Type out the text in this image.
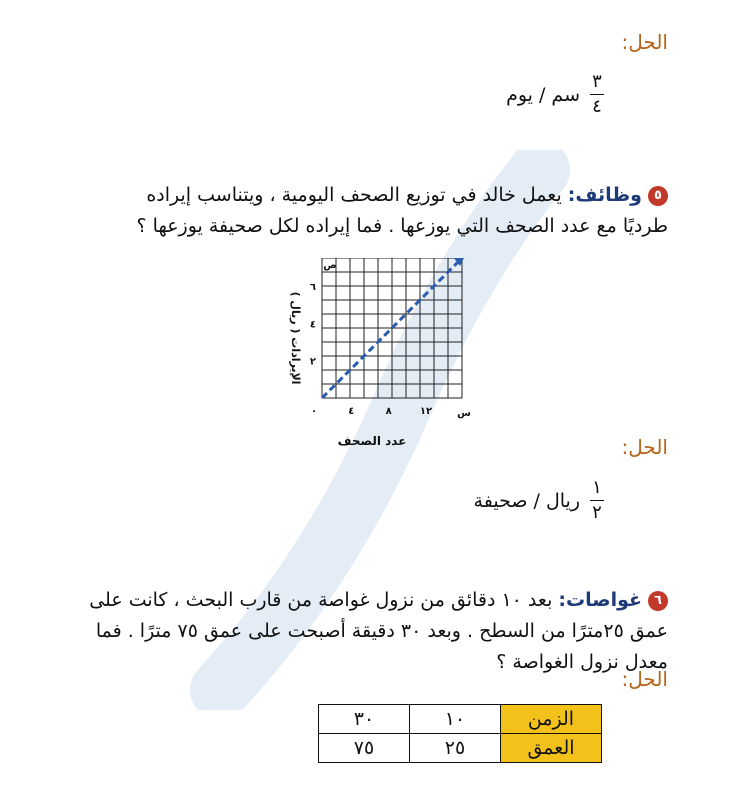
الحل:
$\frac{٣}{٤}$
سم / يوم
٥وظائف: يعمل خالد في توزيع الصحف اليومية ، ويتناسب إيراده طرديًا مع عدد الصحف التي يوزعها . فما إيراده لكل صحيفة يوزعها ؟
الإيرادات ( ريال )
عدد الصحف
٠	٤	٨	١٢
٢
٤
٦
ص
س
الحل:
$\frac{١}{٢}$
ريال / صحيفة
٦غواصات: بعد ١٠ دقائق من نزول غواصة من قارب البحث ، كانت على عمق ٢٥مترًا من السطح . وبعد ٣٠ دقيقة أصبحت على عمق ٧٥ مترًا . فما معدل نزول الغواصة ؟
الحل:
الزمن	١٠	٣٠
العمق	٢٥	٧٥
